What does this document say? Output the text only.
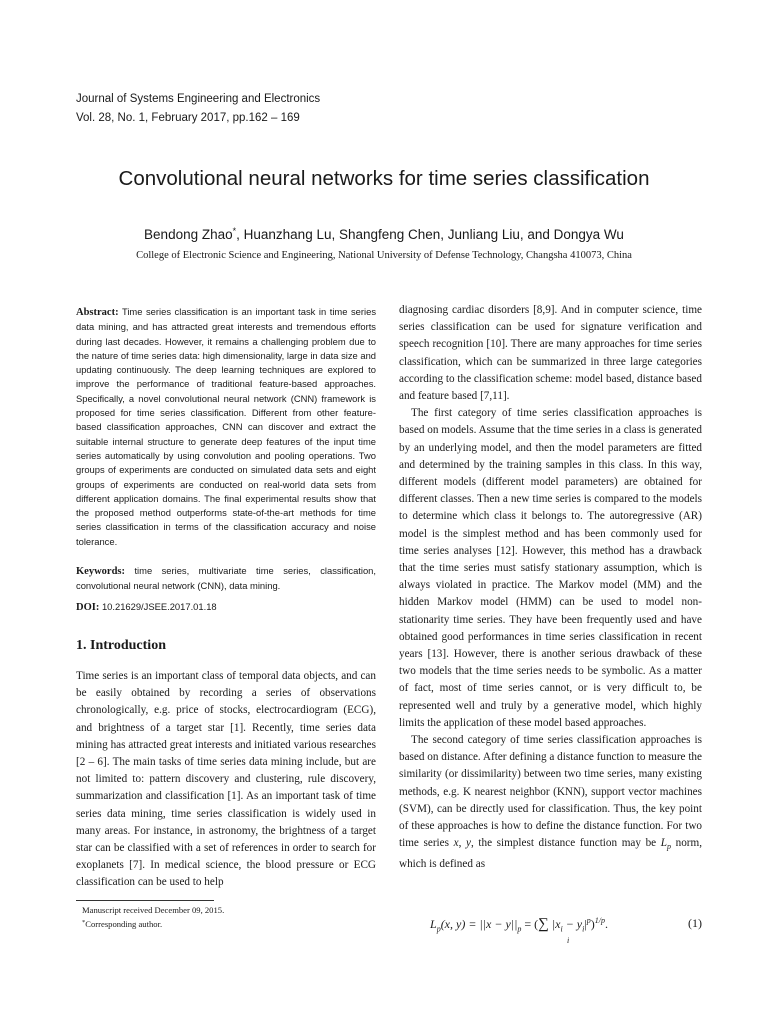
Journal of Systems Engineering and Electronics
Vol. 28, No. 1, February 2017, pp.162 – 169
Convolutional neural networks for time series classification
Bendong Zhao*, Huanzhang Lu, Shangfeng Chen, Junliang Liu, and Dongya Wu
College of Electronic Science and Engineering, National University of Defense Technology, Changsha 410073, China
Abstract: Time series classification is an important task in time series data mining, and has attracted great interests and tremendous efforts during last decades. However, it remains a challenging problem due to the nature of time series data: high dimensionality, large in data size and updating continuously. The deep learning techniques are explored to improve the performance of traditional feature-based approaches. Specifically, a novel convolutional neural network (CNN) framework is proposed for time series classification. Different from other feature-based classification approaches, CNN can discover and extract the suitable internal structure to generate deep features of the input time series automatically by using convolution and pooling operations. Two groups of experiments are conducted on simulated data sets and eight groups of experiments are conducted on real-world data sets from different application domains. The final experimental results show that the proposed method outperforms state-of-the-art methods for time series classification in terms of the classification accuracy and noise tolerance.
Keywords: time series, multivariate time series, classification, convolutional neural network (CNN), data mining.
DOI: 10.21629/JSEE.2017.01.18
1. Introduction
Time series is an important class of temporal data objects, and can be easily obtained by recording a series of observations chronologically, e.g. price of stocks, electrocardiogram (ECG), and brightness of a target star [1]. Recently, time series data mining has attracted great interests and initiated various researches [2 – 6]. The main tasks of time series data mining include, but are not limited to: pattern discovery and clustering, rule discovery, summarization and classification [1]. As an important task of time series data mining, time series classification is widely used in many areas. For instance, in astronomy, the brightness of a target star can be classified with a set of references in order to search for exoplanets [7]. In medical science, the blood pressure or ECG classification can be used to help
Manuscript received December 09, 2015.
*Corresponding author.

diagnosing cardiac disorders [8,9]. And in computer science, time series classification can be used for signature verification and speech recognition [10]. There are many approaches for time series classification, which can be summarized in three large categories according to the classification scheme: model based, distance based and feature based [7,11].

The first category of time series classification approaches is based on models. Assume that the time series in a class is generated by an underlying model, and then the model parameters are fitted and determined by the training samples in this class. In this way, different models (different model parameters) are obtained for different classes. Then a new time series is compared to the models to determine which class it belongs to. The autoregressive (AR) model is the simplest method and has been commonly used for time series analyses [12]. However, this method has a drawback that the time series must satisfy stationary assumption, which is always violated in practice. The Markov model (MM) and the hidden Markov model (HMM) can be used to model non-stationarity time series. They have been frequently used and have obtained good performances in time series classification in recent years [13]. However, there is another serious drawback of these two models that the time series needs to be symbolic. As a matter of fact, most of time series cannot, or is very difficult to, be represented well and truly by a generative model, which highly limits the application of these model based approaches.

The second category of time series classification approaches is based on distance. After defining a distance function to measure the similarity (or dissimilarity) between two time series, many existing methods, e.g. K nearest neighbor (KNN), support vector machines (SVM), can be directly used for classification. Thus, the key point of these approaches is how to define the distance function. For two time series x, y, the simplest distance function may be $L_p$ norm, which is defined as

$L_p(x$, $y) = ||x - y||_p$ = (∑ $|x_i - y_i|^p)^{1/p}$.
i
(1)
